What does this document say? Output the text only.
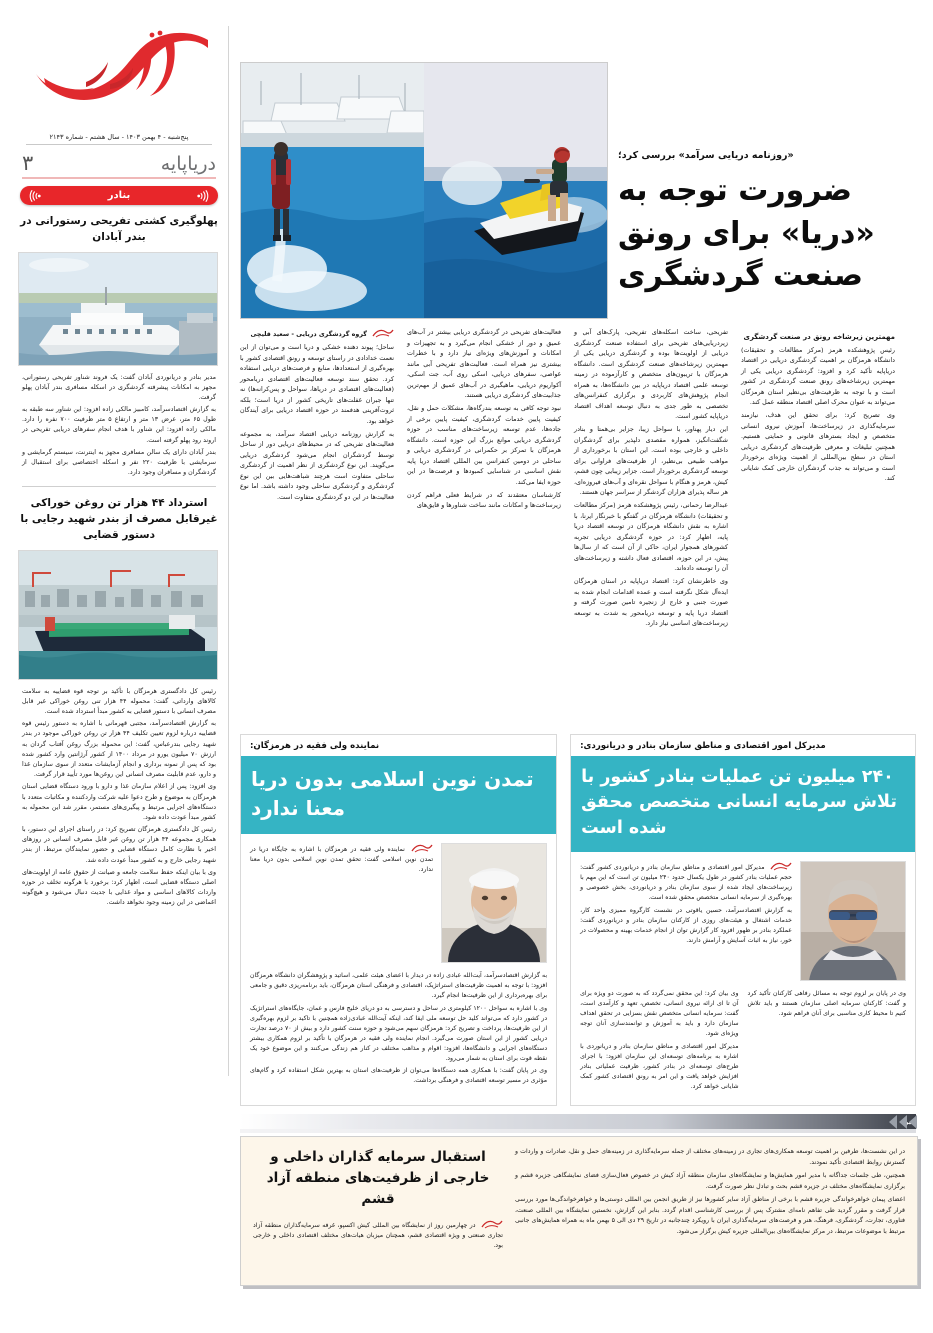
پنج‌شنبه - ۴ بهمن ۱۴۰۳ - سال هشتم - شماره ۲۱۴۳
دریاپایه
۳
بنادر
پهلوگیری کشتی تفریحی رستورانی در بندر آبادان

مدیر بنادر و دریانوردی آبادان گفت: یک فروند شناور تفریحی رستورانی، مجهز به امکانات پیشرفته گردشگری در اسکله مسافری بندر آبادان پهلو گرفت.

به گزارش اقتصادسرآمد، کامبیز مالکی زاده افزود: این شناور سه طبقه به طول ۶۵ متر، عرض ۱۳ متر و ارتفاع ۵ متر ظرفیت ۷۰۰ نفره را دارد. مالکی زاده افزود: این شناور با هدف انجام سفرهای دریایی تفریحی در اروند رود پهلو گرفته است.

بندر آبادان دارای یک سالن مسافری مجهز به اینترنت، سیستم گرمایشی و سرمایشی با ظرفیت ۲۲۰ نفر و اسکله اختصاصی برای استقبال از گردشگران و مسافران وجود دارد.

استرداد ۴۴ هزار تن روغن خوراکی غیرقابل مصرف از بندر شهید رجایی با دستور قضایی

رئیس کل دادگستری هرمزگان با تأکید بر توجه قوه قضاییه به سلامت کالاهای وارداتی، گفت: محموله ۴۴ هزار تنی روغن خوراکی غیر قابل مصرف انسانی با دستور قضایی به کشور مبدأ استرداد شده است.

به گزارش اقتصادسرآمد، مجتبی قهرمانی با اشاره به دستور رئیس قوه قضاییه درباره لزوم تعیین تکلیف ۴۴ هزار تن روغن خوراکی موجود در بندر شهید رجایی بندرعباس، گفت: این محموله بزرگ روغن آفتاب گردان به ارزش ۷۰ میلیون یورو در مرداد ۱۴۰۰ از کشور آرژانتین وارد کشور شده بود که پس از نمونه برداری و انجام آزمایشات متعدد از سوی سازمان غذا و دارو، عدم قابلیت مصرف انسانی این روغن‌ها مورد تأیید قرار گرفت.

وی افزود: پس از اعلام سازمان غذا و دارو با ورود دستگاه قضایی استان هرمزگان به موضوع و طرح دعوا علیه شرکت واردکننده و مکاتبات متعدد با دستگاه‌های اجرایی مرتبط و پیگیری‌های مستمر، مقرر شد این محموله به کشور مبدأ عودت داده شود.

رئیس کل دادگستری هرمزگان تصریح کرد: در راستای اجرای این دستور، با همکاری مجموعه ۴۴ هزار تن روغن غیر قابل مصرف انسانی در روزهای اخیر با نظارت کامل دستگاه قضایی و حضور نمایندگان مرتبط، از بندر شهید رجایی خارج و به کشور مبدأ عودت داده شد.

وی با بیان اینکه حفظ سلامت جامعه و صیانت از حقوق عامه از اولویت‌های اصلی دستگاه قضایی است، اظهار کرد: برخورد با هرگونه تخلف در حوزه واردات کالاهای اساسی و مواد غذایی با جدیت دنبال می‌شود و هیچ‌گونه اغماضی در این زمینه وجود نخواهد داشت.

«روزنامه دریایی سرآمد» بررسی کرد؛
ضرورت توجه به «دریا» برای رونق صنعت گردشگری

گروه گردشگری دریایی - سعید قلیچی

ساحل؛ پیوند دهنده خشکی و دریا است و می‌توان از این نعمت خدادادی در راستای توسعه و رونق اقتصادی کشور با بهره‌گیری از استعدادها، منابع و فرصت‌های دریایی استفاده کرد. تحقق سند توسعه فعالیت‌های اقتصادی دریامحور (فعالیت‌های اقتصادی در دریاها، سواحل و پس‌کرانه‌ها) نه تنها جبران غفلت‌های تاریخی کشور از دریا است؛ بلکه ثروت‌آفرینی هدفمند در حوزه اقتصاد دریایی برای آیندگان خواهد بود.

به گزارش روزنامه دریایی اقتصاد سرآمد، به مجموعه فعالیت‌های تفریحی که در محیط‌های دریایی دور از ساحل توسط گردشگران انجام می‌شود گردشگری دریایی می‌گویند. این نوع گردشگری از نظر اهمیت از گردشگری ساحلی متفاوت است هرچند شباهت‌هایی بین این نوع گردشگری و گردشگری ساحلی وجود داشته باشد. اما نوع فعالیت‌ها در این دو گردشگری متفاوت است.

فعالیت‌های تفریحی در گردشگری دریایی بیشتر در آب‌های عمیق و دور از خشکی انجام می‌گیرد و به تجهیزات و امکانات و آموزش‌های ویژه‌ای نیاز دارد و با خطرات بیشتری نیز همراه است. فعالیت‌های تفریحی آبی مانند غواصی، سفرهای دریایی، اسکی روی آب، جت اسکی، آکواریوم دریایی، ماهیگیری در آب‌های عمیق از مهم‌ترین جذابیت‌های گردشگری دریایی هستند.

نبود توجه کافی به توسعه بندرگاه‌ها، مشکلات حمل و نقل، کیفیت پایین خدمات گردشگری، کیفیت پایین برخی از جاده‌ها، عدم توسعه زیرساخت‌های مناسب در حوزه گردشگری دریایی موانع بزرگ این حوزه است. دانشگاه هرمزگان با تمرکز بر حکمرانی در گردشگری دریایی و ساحلی در دومین کنفرانس بین المللی اقتصاد دریا پایه نقش اساسی در شناسایی کمبودها و فرصت‌ها در این حوزه ایفا می‌کند.

کارشناسان معتقدند که در شرایط فعلی فراهم کردن زیرساخت‌ها و امکانات مانند ساخت شناورها و قایق‌های

تفریحی، ساخت اسکله‌های تفریحی، پارک‌های آبی و زیردریایی‌های تفریحی برای استفاده صنعت گردشگری دریایی از اولویت‌ها بوده و گردشگری دریایی یکی از مهمترین زیرشاخه‌های صنعت گردشگری است. دانشگاه هرمزگان با تریبون‌های متخصص و کارآزموده در زمینه توسعه علمی اقتصاد دریاپایه در بین دانشگاه‌ها، به همراه انجام پژوهش‌های کاربردی و برگزاری کنفرانس‌های تخصصی به طور جدی به دنبال توسعه اهداف اقتصاد دریاپایه کشور است.

این دیار پهناور، با سواحل زیبا، جزایر بی‌همتا و بنادر شگفت‌انگیز، همواره مقصدی دلپذیر برای گردشگران داخلی و خارجی بوده است. این استان با برخورداری از مواهب طبیعی بی‌نظیر، از ظرفیت‌های فراوانی برای توسعه گردشگری برخوردار است. جزایر زیبایی چون قشم، کیش، هرمز و هنگام با سواحل نقره‌ای و آب‌های فیروزه‌ای، هر ساله پذیرای هزاران گردشگر از سراسر جهان هستند.

عبدالرضا رحمانی، رئیس پژوهشکده هرمز (مرکز مطالعات و تحقیقات) دانشگاه هرمزگان در گفتگو با خبرنگار ایرنا، با اشاره به نقش دانشگاه هرمزگان در توسعه اقتصاد دریا پایه، اظهار کرد: در حوزه گردشگری دریایی تجربه کشورهای همجوار ایران، حاکی از آن است که از سال‌ها پیش، در این حوزه، اقتصادی فعال داشته و زیرساخت‌های آن را توسعه داده‌اند.

وی خاطرنشان کرد: اقتصاد دریاپایه در استان هرمزگان ایده‌آل شکل نگرفته است و عمده اقدامات انجام شده به صورت جنبی و خارج از زنجیره تامین صورت گرفته و اقتصاد دریا پایه و توسعه دریامحور به شدت به توسعه زیرساخت‌های اساسی نیاز دارد.

مهمترین زیرشاخه رونق در صنعت گردشگری

رئیس پژوهشکده هرمز (مرکز مطالعات و تحقیقات) دانشگاه هرمزگان بر اهمیت گردشگری دریایی در اقتصاد دریاپایه تأکید کرد و افزود: گردشگری دریایی یکی از مهمترین زیرشاخه‌های رونق صنعت گردشگری در کشور است و با توجه به ظرفیت‌های بی‌نظیر استان هرمزگان می‌تواند به عنوان محرک اصلی اقتصاد منطقه عمل کند.

وی تصریح کرد: برای تحقق این هدف، نیازمند سرمایه‌گذاری در زیرساخت‌ها، آموزش نیروی انسانی متخصص و ایجاد بسترهای قانونی و حمایتی هستیم. همچنین تبلیغات و معرفی ظرفیت‌های گردشگری دریایی استان در سطح بین‌المللی از اهمیت ویژه‌ای برخوردار است و می‌تواند به جذب گردشگران خارجی کمک شایانی کند.

نماینده ولی فقیه در هرمزگان:
تمدن نوین اسلامی بدون دریا معنا ندارد

نماینده ولی فقیه در هرمزگان با اشاره به جایگاه دریا در تمدن نوین اسلامی گفت: تحقق تمدن نوین اسلامی بدون دریا معنا ندارد.

به گزارش اقتصادسرآمد، آیت‌الله عبادی زاده در دیدار با اعضای هیئت علمی، اساتید و پژوهشگران دانشگاه هرمزگان افزود: با توجه به اهمیت ظرفیت‌های استراتژیک، اقتصادی و فرهنگی استان هرمزگان، باید برنامه‌ریزی دقیق و جامعی برای بهره‌برداری از این ظرفیت‌ها انجام گیرد.

وی با اشاره به سواحل ۱۲۰۰ کیلومتری در ساحل و دسترسی به دو دریای خلیج فارس و عمان، جایگاه‌های استراتژیک در کشور دارد که می‌تواند کلید حل توسعه ملی ایفا کند، اینکه آیت‌الله عبادی‌زاده همچنین با تاکید بر لزوم بهره‌گیری از این ظرفیت‌ها، پرداخت و تصریح کرد: هرمزگان سهم می‌شود و حوزه سنت کشور دارد و بیش از ۷۰ درصد تجارت دریایی کشور از این استان صورت می‌گیرد. انجام نماینده ولی فقیه در هرمزگان با تأکید بر لزوم همکاری بیشتر دستگاه‌های اجرایی و دانشگاه‌ها، افزود: اقوام و مذاهب مختلف در کنار هم زندگی می‌کنند و این موضوع خود یک نقطه قوت برای استان به شمار می‌رود.

وی در پایان گفت: با همکاری همه دستگاه‌ها می‌توان از ظرفیت‌های استان به بهترین شکل استفاده کرد و گام‌های مؤثری در مسیر توسعه اقتصادی و فرهنگی برداشت.

مدیرکل امور اقتصادی و مناطق سازمان بنادر و دریانوردی:
۲۴۰ میلیون تن عملیات بنادر کشور با تلاش سرمایه انسانی متخصص محقق شده است

مدیرکل امور اقتصادی و مناطق سازمان بنادر و دریانوردی کشور گفت: حجم عملیات بنادر کشور در طول یکسال حدود ۲۴۰ میلیون تن است که این مهم با زیرساخت‌های ایجاد شده از سوی سازمان بنادر و دریانوردی، بخش خصوصی و بهره‌گیری از سرمایه انسانی متخصص محقق شده است.

به گزارش اقتصادسرآمد، حسین یاقوتی در نشست کارگروه ممیزی واحد کار، خدمات اشتغال و هیئت‌های روزی از کارکنان سازمان بنادر و دریانوردی گفت: عملکرد بنادر بر ظهور افزود کار گزارش توان از انجام خدمات بهینه و محصولات در خور، نیاز به اثبات آسایش و آرامش دارند.

وی بیان کرد: این محقق نمی‌گردد که به صورت دو ویژه برای آن تا ای ارائه نیروی انسانی، تخصص، تعهد و کارآمدی است، گفت: سرمایه انسانی متخصص نقش بسزایی در تحقق اهداف سازمان دارد و باید به آموزش و توانمندسازی آنان توجه ویژه‌ای شود.

مدیرکل امور اقتصادی و مناطق سازمان بنادر و دریانوردی با اشاره به برنامه‌های توسعه‌ای این سازمان افزود: با اجرای طرح‌های توسعه‌ای در بنادر کشور، ظرفیت عملیاتی بنادر افزایش خواهد یافت و این امر به رونق اقتصادی کشور کمک شایانی خواهد کرد.

وی در پایان بر لزوم توجه به مسائل رفاهی کارکنان تأکید کرد و گفت: کارکنان سرمایه اصلی سازمان هستند و باید تلاش کنیم تا محیط کاری مناسبی برای آنان فراهم شود.

خبر
استقبال سرمایه گذاران داخلی و خارجی از ظرفیت‌های منطقه آزاد قشم
در چهارمین روز از نمایشگاه بین المللی کیش اکسپو، غرفه سرمایه‌گذاران منطقه آزاد تجاری صنعتی و ویژه اقتصادی قشم، همچنان میزبان هیات‌های مختلف اقتصادی داخلی و خارجی بود.

در این نشست‌ها، طرفین بر اهمیت توسعه همکاری‌های تجاری در زمینه‌های مختلف از جمله سرمایه‌گذاری در زمینه‌های حمل و نقل، صادرات و واردات و گسترش روابط اقتصادی تأکید نمودند.

همچنین، طی جلسات جداگانه با مدیر امور همایش‌ها و نمایشگاه‌های سازمان منطقه آزاد کیش در خصوص فعال‌سازی فضای نمایشگاهی جزیره قشم و برگزاری نمایشگاه‌های مختلف در جزیره قشم بحث و تبادل نظر صورت گرفت.

اعضای پیمان خواهرخواندگی جزیره قشم با برخی از مناطق آزاد سایر کشورها نیز از طریق انجمن بین المللی دوستی‌ها و خواهرخواندگی‌ها مورد بررسی قرار گرفت و مقرر گردید طی تفاهم نامه‌ای مشترک پس از بررسی کارشناسی اقدام گردد. بنابر این گزارش، نخستین نمایشگاه بین المللی صنعت، فناوری، تجارت، گردشگری، فرهنگ، هنر و فرصت‌های سرمایه‌گذاری ایران با رویکرد چندجانبه در تاریخ ۲۹ دی الی ۵ بهمن ماه به همراه همایش‌های جانبی مرتبط با موضوعات مرتبط، در مرکز نمایشگاه‌های بین‌المللی جزیره کیش برگزار می‌شود.
